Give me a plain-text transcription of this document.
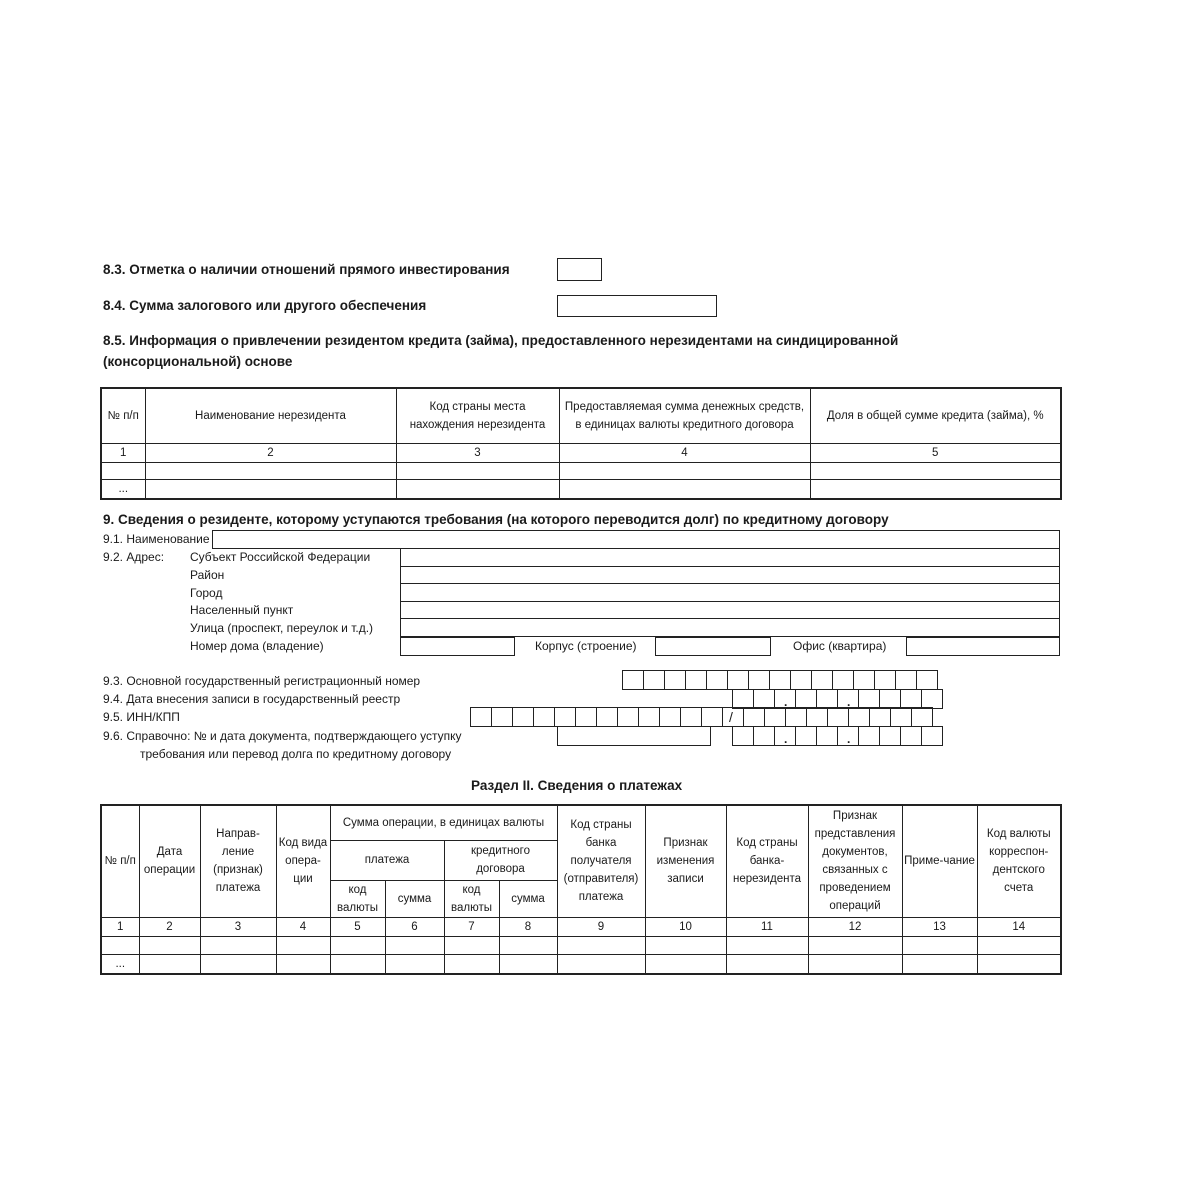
8.3. Отметка о наличии отношений прямого инвестирования
8.4. Сумма залогового или другого обеспечения
8.5. Информация о привлечении резидентом кредита (займа), предоставленного нерезидентами на синдицированной
(консорциональной) основе
№ п/п	Наименование нерезидента	Код страны места нахождения нерезидента	Предоставляемая сумма денежных средств, в единицах валюты кредитного договора	Доля в общей сумме кредита (займа), %
1	2	3	4	5

...				
9. Сведения о резиденте, которому уступаются требования (на которого переводится долг) по кредитному договору
9.1. Наименование
9.2. Адрес: Субъект Российской Федерации
Район
Город
Населенный пункт
Улица (проспект, переулок и т.д.)
Номер дома (владение)	Корпус (строение)	Офис (квартира)
9.3. Основной государственный регистрационный номер
9.4. Дата внесения записи в государственный реестр	.	.
9.5. ИНН/КПП	/
9.6. Справочно: № и дата документа, подтверждающего уступку
требования или перевод долга по кредитному договору
.	.
Раздел II. Сведения о платежах
№ п/п	Дата операции	Направ-ление (признак) платежа	Код вида опера-ции	Сумма операции, в единицах валюты				Код страны банка получателя (отправителя) платежа	Признак изменения записи	Код страны банка-нерезидента	Признак представления документов, связанных с проведением операций	Приме-чание	Код валюты корреспон-дентского счета
				платежа		кредитного договора							
				код валюты	сумма	код валюты	сумма						
1	2	3	4	5	6	7	8	9	10	11	12	13	14

...													
